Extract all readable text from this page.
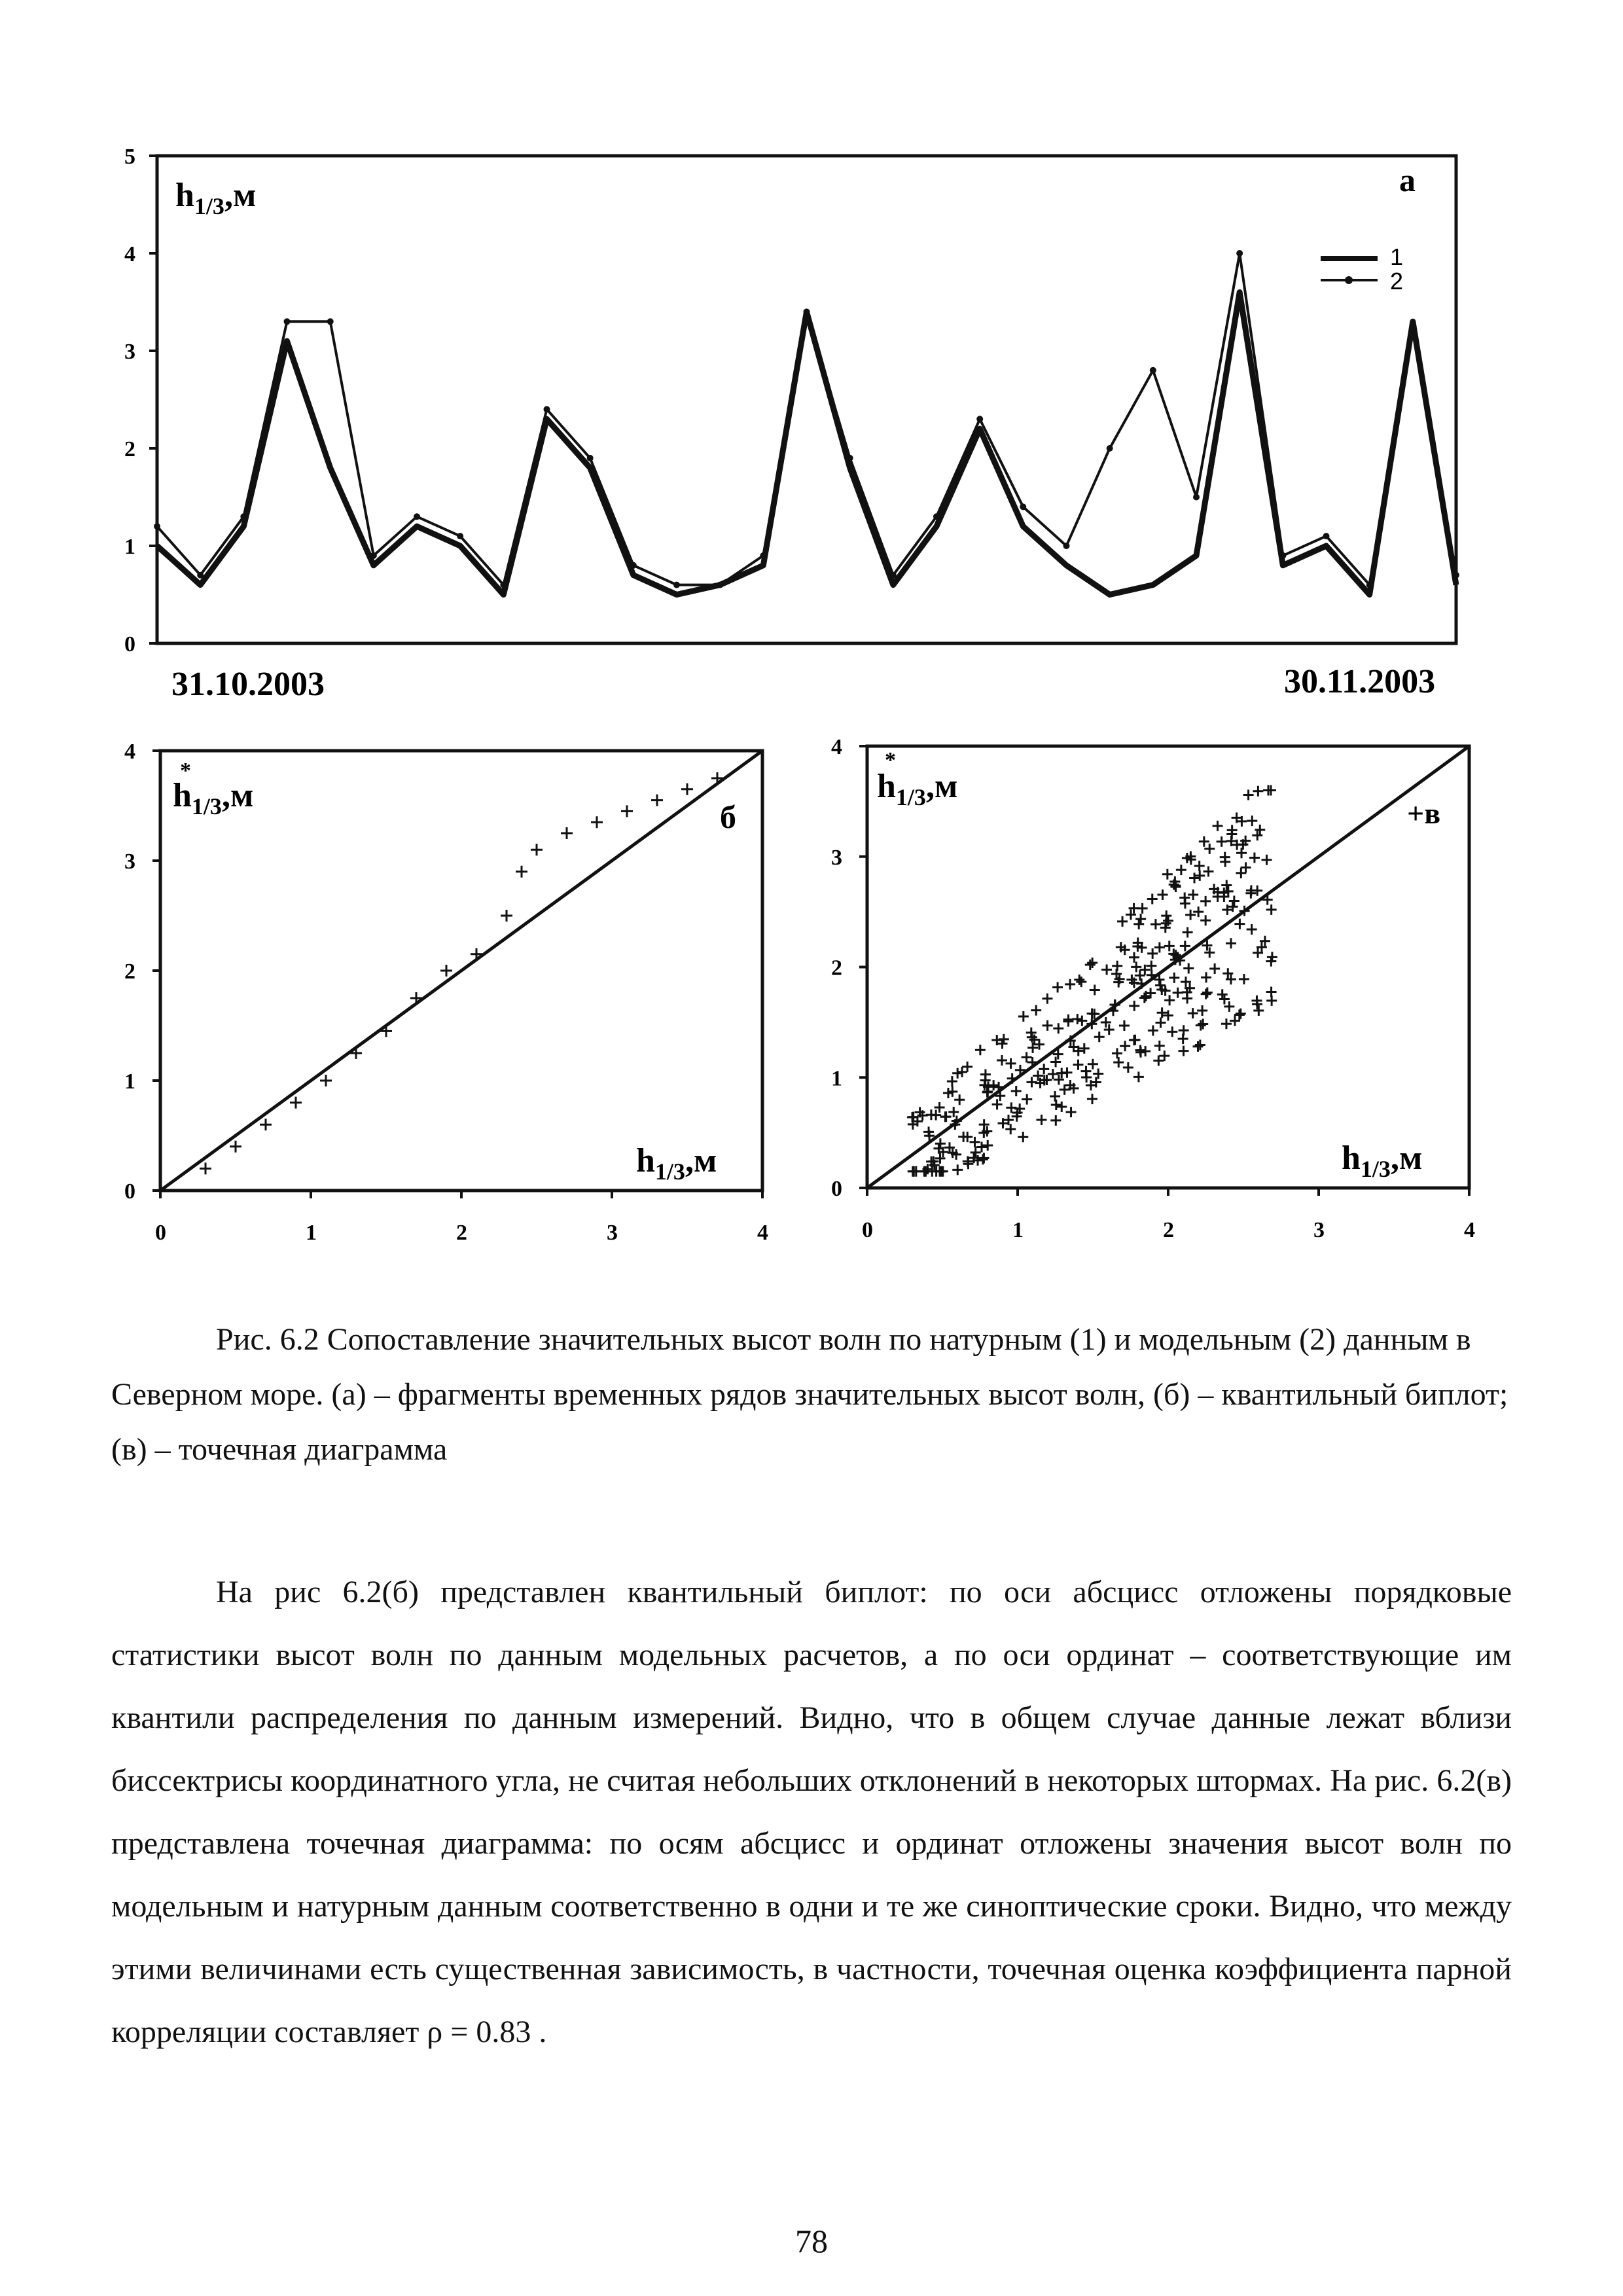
0
1
2
3
4
5
$h_{1/3},м$	а
1
2
31.10.2003	30.11.2003
0	1	2	3	4
0
1
2
3
4
$h_{1/3},м$
*
б
$h_{1/3},м$
0	1	2	3	4
0
1
2
3
4
$h_{1/3},м$
*
+в
$h_{1/3},м$

Рис. 6.2 Сопоставление значительных высот волн по натурным (1) и модельным (2) данным в Северном море. (а) – фрагменты временных рядов значительных высот волн, (б) – квантильный биплот; (в) – точечная диаграмма

На рис 6.2(б) представлен квантильный биплот: по оси абсцисс отложены порядковые статистики высот волн по данным модельных расчетов, а по оси ординат – соответствующие им квантили распределения по данным измерений. Видно, что в общем случае данные лежат вблизи биссектрисы координатного угла, не считая небольших отклонений в некоторых штормах. На рис. 6.2(в) представлена точечная диаграмма: по осям абсцисс и ординат отложены значения высот волн по модельным и натурным данным соответственно в одни и те же синоптические сроки. Видно, что между этими величинами есть существенная зависимость, в частности, точечная оценка коэффициента парной корреляции составляет ρ = 0.83 .

78
